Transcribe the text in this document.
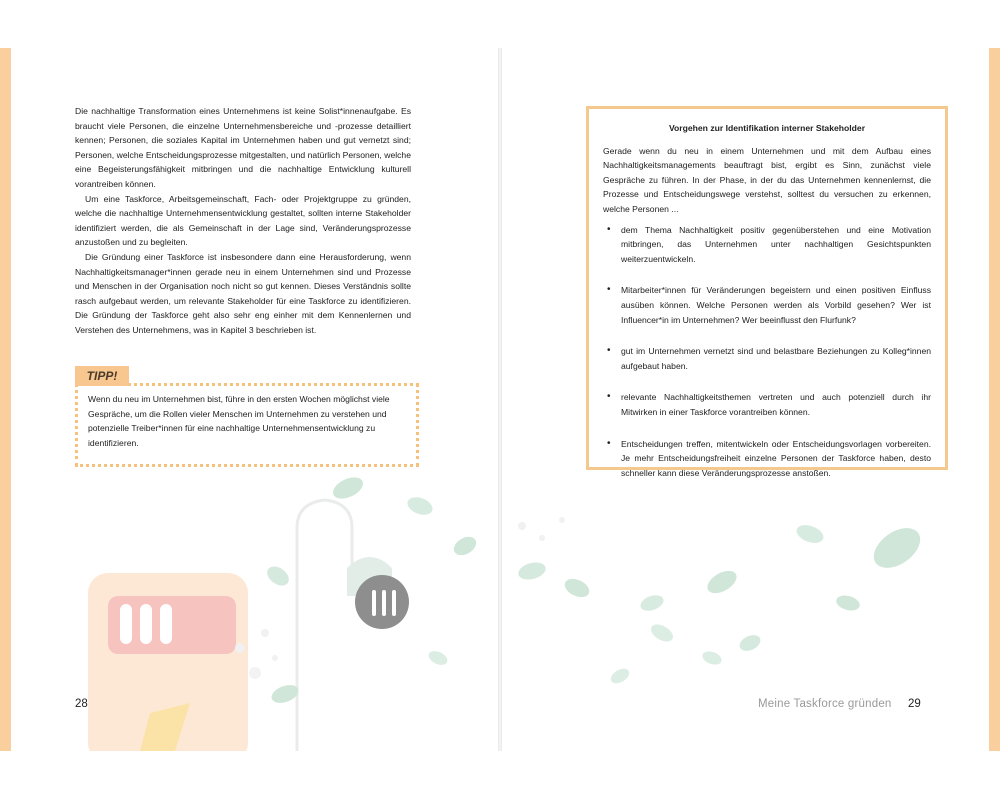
Die nachhaltige Transformation eines Unternehmens ist keine Solist*innenaufgabe. Es braucht viele Personen, die einzelne Unternehmensbereiche und -prozesse detailliert kennen; Personen, die soziales Kapital im Unternehmen haben und gut vernetzt sind; Personen, welche Entscheidungsprozesse mitgestalten, und natürlich Personen, welche eine Begeisterungsfähigkeit mitbringen und die nachhaltige Entwicklung kulturell vorantreiben können.

Um eine Taskforce, Arbeitsgemeinschaft, Fach- oder Projektgruppe zu gründen, welche die nachhaltige Unternehmensentwicklung gestaltet, sollten interne Stakeholder identifiziert werden, die als Gemeinschaft in der Lage sind, Veränderungsprozesse anzustoßen und zu begleiten.

Die Gründung einer Taskforce ist insbesondere dann eine Herausforderung, wenn Nachhaltigkeitsmanager*innen gerade neu in einem Unternehmen sind und Prozesse und Menschen in der Organisation noch nicht so gut kennen. Dieses Verständnis sollte rasch aufgebaut werden, um relevante Stakeholder für eine Taskforce zu identifizieren. Die Gründung der Taskforce geht also sehr eng einher mit dem Kennenlernen und Verstehen des Unternehmens, was in Kapitel 3 beschrieben ist.

Wenn du neu im Unternehmen bist, führe in den ersten Wochen möglichst viele Gespräche, um die Rollen vieler Menschen im Unternehmen zu verstehen und potenzielle Treiber*innen für eine nachhaltige Unternehmensentwicklung zu identifizieren.
TIPP!
28
Vorgehen zur Identifikation interner Stakeholder

Gerade wenn du neu in einem Unternehmen und mit dem Aufbau eines Nachhaltigkeitsmanagements beauftragt bist, ergibt es Sinn, zunächst viele Gespräche zu führen. In der Phase, in der du das Unternehmen kennenlernst, die Prozesse und Entscheidungswege verstehst, solltest du versuchen zu erkennen, welche Personen ...

• dem Thema Nachhaltigkeit positiv gegenüberstehen und eine Motivation mitbringen, das Unternehmen unter nachhaltigen Gesichtspunkten weiterzuentwickeln.
• Mitarbeiter*innen für Veränderungen begeistern und einen positiven Einfluss ausüben können. Welche Personen werden als Vorbild gesehen? Wer ist Influencer*in im Unternehmen? Wer beeinflusst den Flurfunk?
• gut im Unternehmen vernetzt sind und belastbare Beziehungen zu Kolleg*innen aufgebaut haben.
• relevante Nachhaltigkeitsthemen vertreten und auch potenziell durch ihr Mitwirken in einer Taskforce vorantreiben können.
• Entscheidungen treffen, mitentwickeln oder Entscheidungsvorlagen vorbereiten. Je mehr Entscheidungsfreiheit einzelne Personen der Taskforce haben, desto schneller kann diese Veränderungsprozesse anstoßen.
Meine Taskforce gründen 29
